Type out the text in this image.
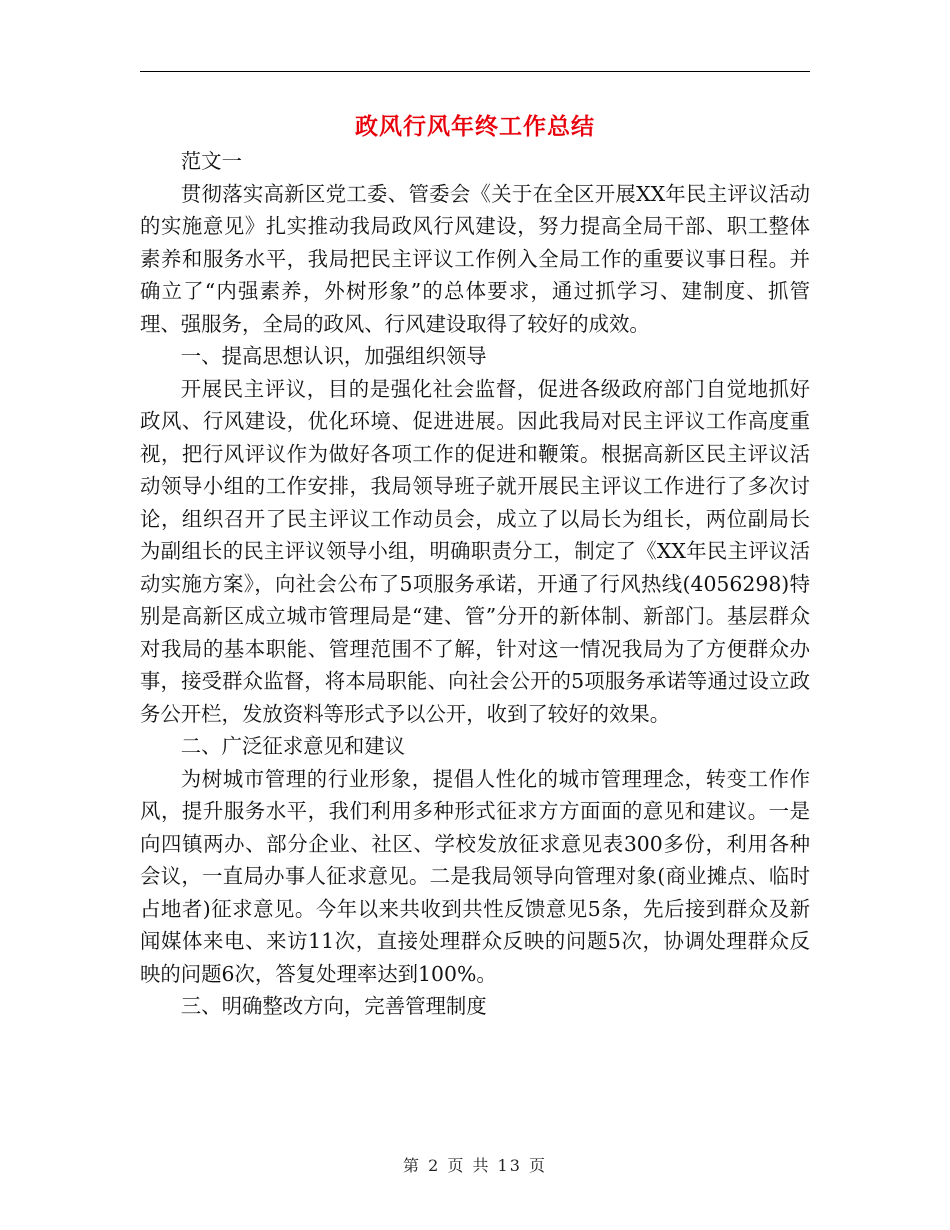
政风行风年终工作总结

范文一

贯彻落实高新区党工委、管委会《关于在全区开展XX年民主评议活动的实施意见》扎实推动我局政风行风建设，努力提高全局干部、职工整体素养和服务水平，我局把民主评议工作例入全局工作的重要议事日程。并确立了“内强素养，外树形象”的总体要求，通过抓学习、建制度、抓管理、强服务，全局的政风、行风建设取得了较好的成效。

一、提高思想认识，加强组织领导

开展民主评议，目的是强化社会监督，促进各级政府部门自觉地抓好政风、行风建设，优化环境、促进进展。因此我局对民主评议工作高度重视，把行风评议作为做好各项工作的促进和鞭策。根据高新区民主评议活动领导小组的工作安排，我局领导班子就开展民主评议工作进行了多次讨论，组织召开了民主评议工作动员会，成立了以局长为组长，两位副局长为副组长的民主评议领导小组，明确职责分工，制定了《XX年民主评议活动实施方案》，向社会公布了5项服务承诺，开通了行风热线(4056298)特别是高新区成立城市管理局是“建、管”分开的新体制、新部门。基层群众对我局的基本职能、管理范围不了解，针对这一情况我局为了方便群众办事，接受群众监督，将本局职能、向社会公开的5项服务承诺等通过设立政务公开栏，发放资料等形式予以公开，收到了较好的效果。

二、广泛征求意见和建议

为树城市管理的行业形象，提倡人性化的城市管理理念，转变工作作风，提升服务水平，我们利用多种形式征求方方面面的意见和建议。一是向四镇两办、部分企业、社区、学校发放征求意见表300多份，利用各种会议，一直局办事人征求意见。二是我局领导向管理对象(商业摊点、临时占地者)征求意见。今年以来共收到共性反馈意见5条，先后接到群众及新闻媒体来电、来访11次，直接处理群众反映的问题5次，协调处理群众反映的问题6次，答复处理率达到100%。

三、明确整改方向，完善管理制度

第 2 页 共 13 页
